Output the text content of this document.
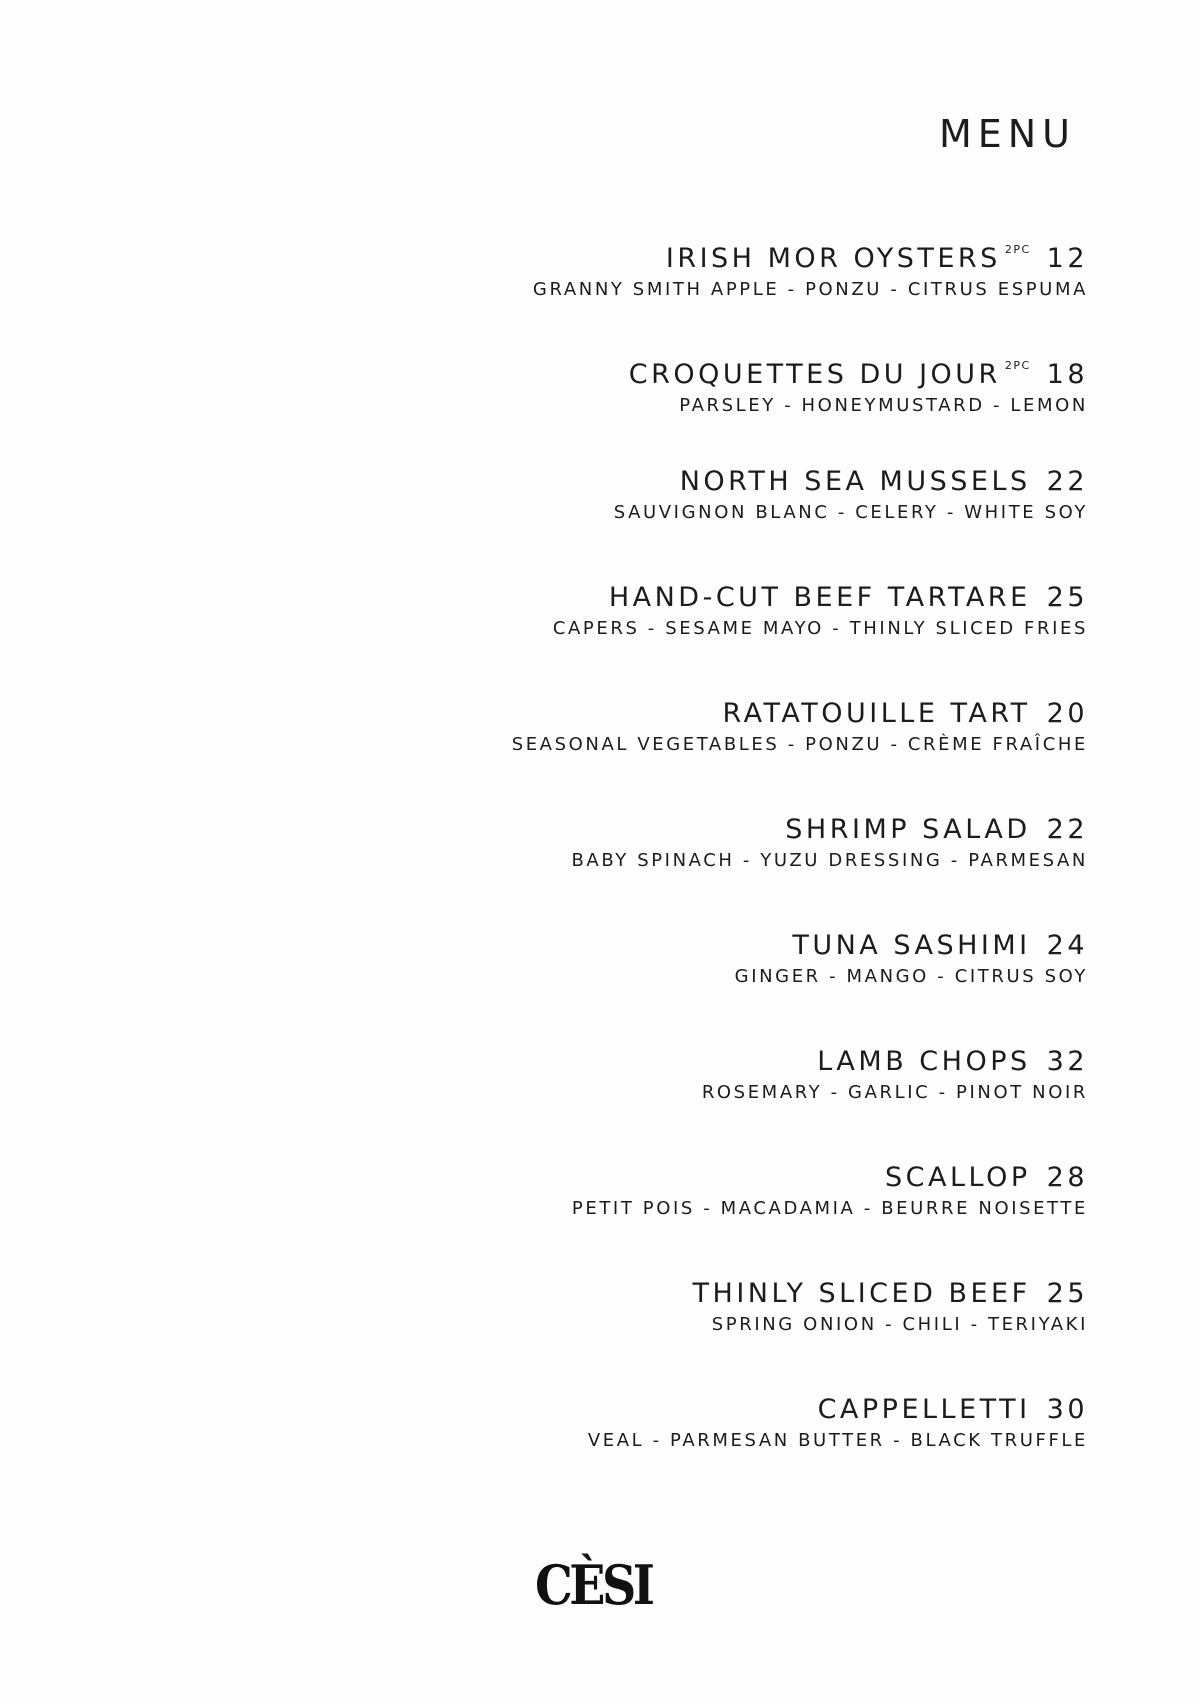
MENU
IRISH MOR OYSTERS $^{2PC}$ 12
GRANNY SMITH APPLE - PONZU - CITRUS ESPUMA
CROQUETTES DU JOUR $^{2PC}$ 18
PARSLEY - HONEYMUSTARD - LEMON
NORTH SEA MUSSELS 22
SAUVIGNON BLANC - CELERY - WHITE SOY
HAND-CUT BEEF TARTARE 25
CAPERS - SESAME MAYO - THINLY SLICED FRIES
RATATOUILLE TART 20
SEASONAL VEGETABLES - PONZU - CRÈME FRAÎCHE
SHRIMP SALAD 22
BABY SPINACH - YUZU DRESSING - PARMESAN
TUNA SASHIMI 24
GINGER - MANGO - CITRUS SOY
LAMB CHOPS 32
ROSEMARY - GARLIC - PINOT NOIR
SCALLOP 28
PETIT POIS - MACADAMIA - BEURRE NOISETTE
THINLY SLICED BEEF 25
SPRING ONION - CHILI - TERIYAKI
CAPPELLETTI 30
VEAL - PARMESAN BUTTER - BLACK TRUFFLE
CÈSI
